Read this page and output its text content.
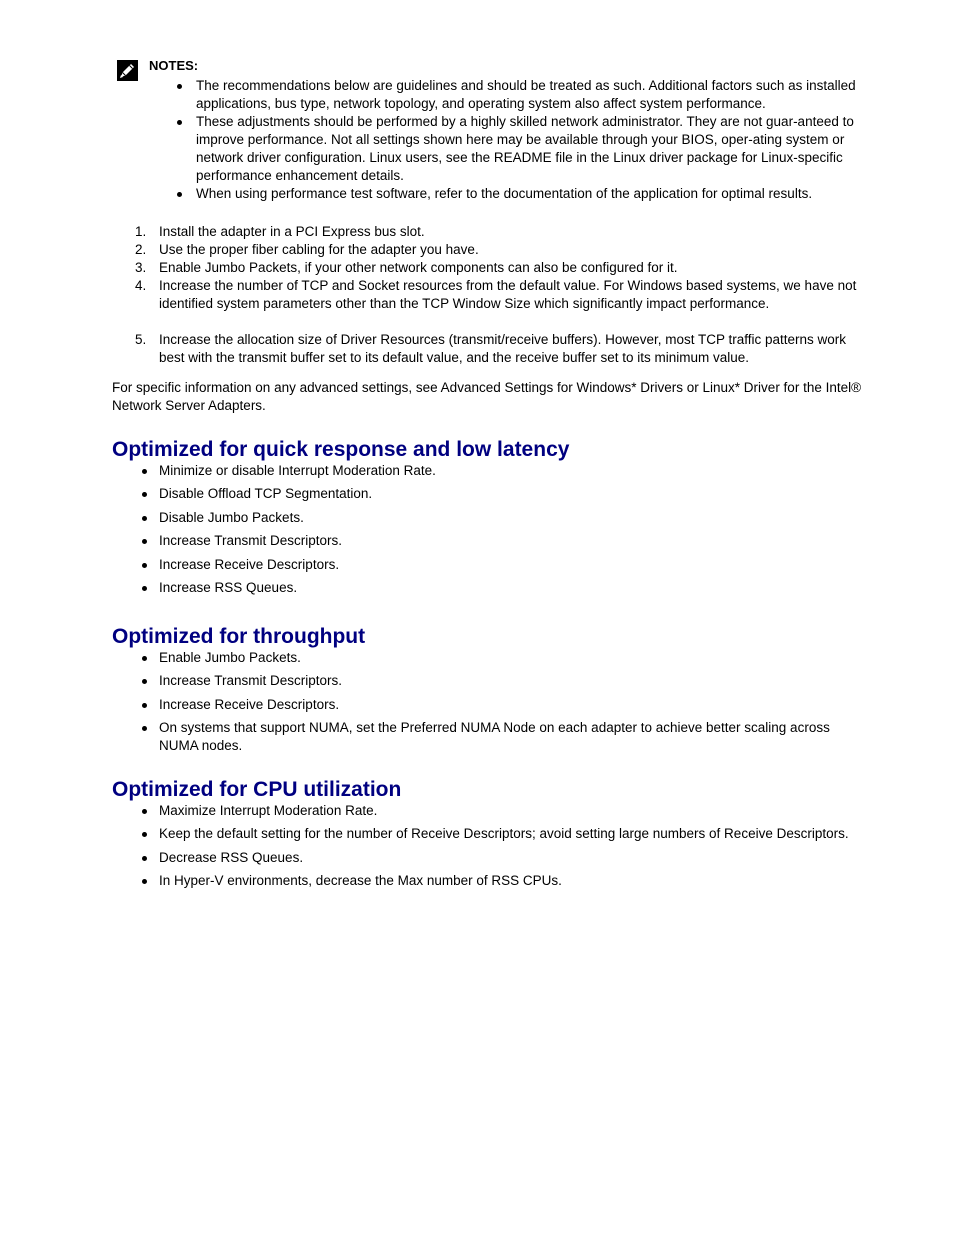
NOTES:
The recommendations below are guidelines and should be treated as such. Additional factors such as installed applications, bus type, network topology, and operating system also affect system performance.
These adjustments should be performed by a highly skilled network administrator. They are not guar-anteed to improve performance. Not all settings shown here may be available through your BIOS, oper-ating system or network driver configuration. Linux users, see the README file in the Linux driver package for Linux-specific performance enhancement details.
When using performance test software, refer to the documentation of the application for optimal results.
1. Install the adapter in a PCI Express bus slot.
2. Use the proper fiber cabling for the adapter you have.
3. Enable Jumbo Packets, if your other network components can also be configured for it.
4. Increase the number of TCP and Socket resources from the default value. For Windows based systems, we have not identified system parameters other than the TCP Window Size which significantly impact performance.
5. Increase the allocation size of Driver Resources (transmit/receive buffers). However, most TCP traffic patterns work best with the transmit buffer set to its default value, and the receive buffer set to its minimum value.

For specific information on any advanced settings, see Advanced Settings for Windows* Drivers or Linux* Driver for the Intel® Network Server Adapters.

Optimized for quick response and low latency
Minimize or disable Interrupt Moderation Rate.
Disable Offload TCP Segmentation.
Disable Jumbo Packets.
Increase Transmit Descriptors.
Increase Receive Descriptors.
Increase RSS Queues.
Optimized for throughput
Enable Jumbo Packets.
Increase Transmit Descriptors.
Increase Receive Descriptors.
On systems that support NUMA, set the Preferred NUMA Node on each adapter to achieve better scaling across NUMA nodes.
Optimized for CPU utilization
Maximize Interrupt Moderation Rate.
Keep the default setting for the number of Receive Descriptors; avoid setting large numbers of Receive Descriptors.
Decrease RSS Queues.
In Hyper-V environments, decrease the Max number of RSS CPUs.
